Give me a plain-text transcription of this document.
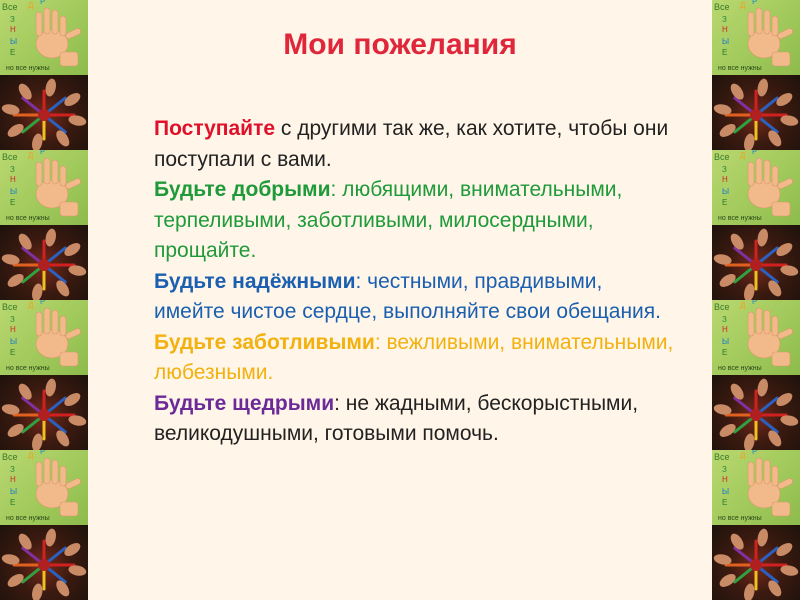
Все Д Р
З
Н
Ы
Е
но все нужны
Все Д Р
З
Н
Ы
Е
но все нужны
Все Д Р
З
Н
Ы
Е
но все нужны
Все Д Р
З
Н
Ы
Е
но все нужны
Все Д Р
З
Н
Ы
Е
но все нужны
Все Д Р
З
Н
Ы
Е
но все нужны
Все Д Р
З
Н
Ы
Е
но все нужны
Все Д Р
З
Н
Ы
Е
но все нужны
Мои пожелания
Поступайте с другими так же, как хотите, чтобы они поступали с вами.
Будьте добрыми: любящими, внимательными, терпеливыми, заботливыми, милосердными, прощайте.
Будьте надёжными: честными, правдивыми, имейте чистое сердце, выполняйте свои обещания.
Будьте заботливыми: вежливыми, внимательными, любезными.
Будьте щедрыми: не жадными, бескорыстными, великодушными, готовыми помочь.
